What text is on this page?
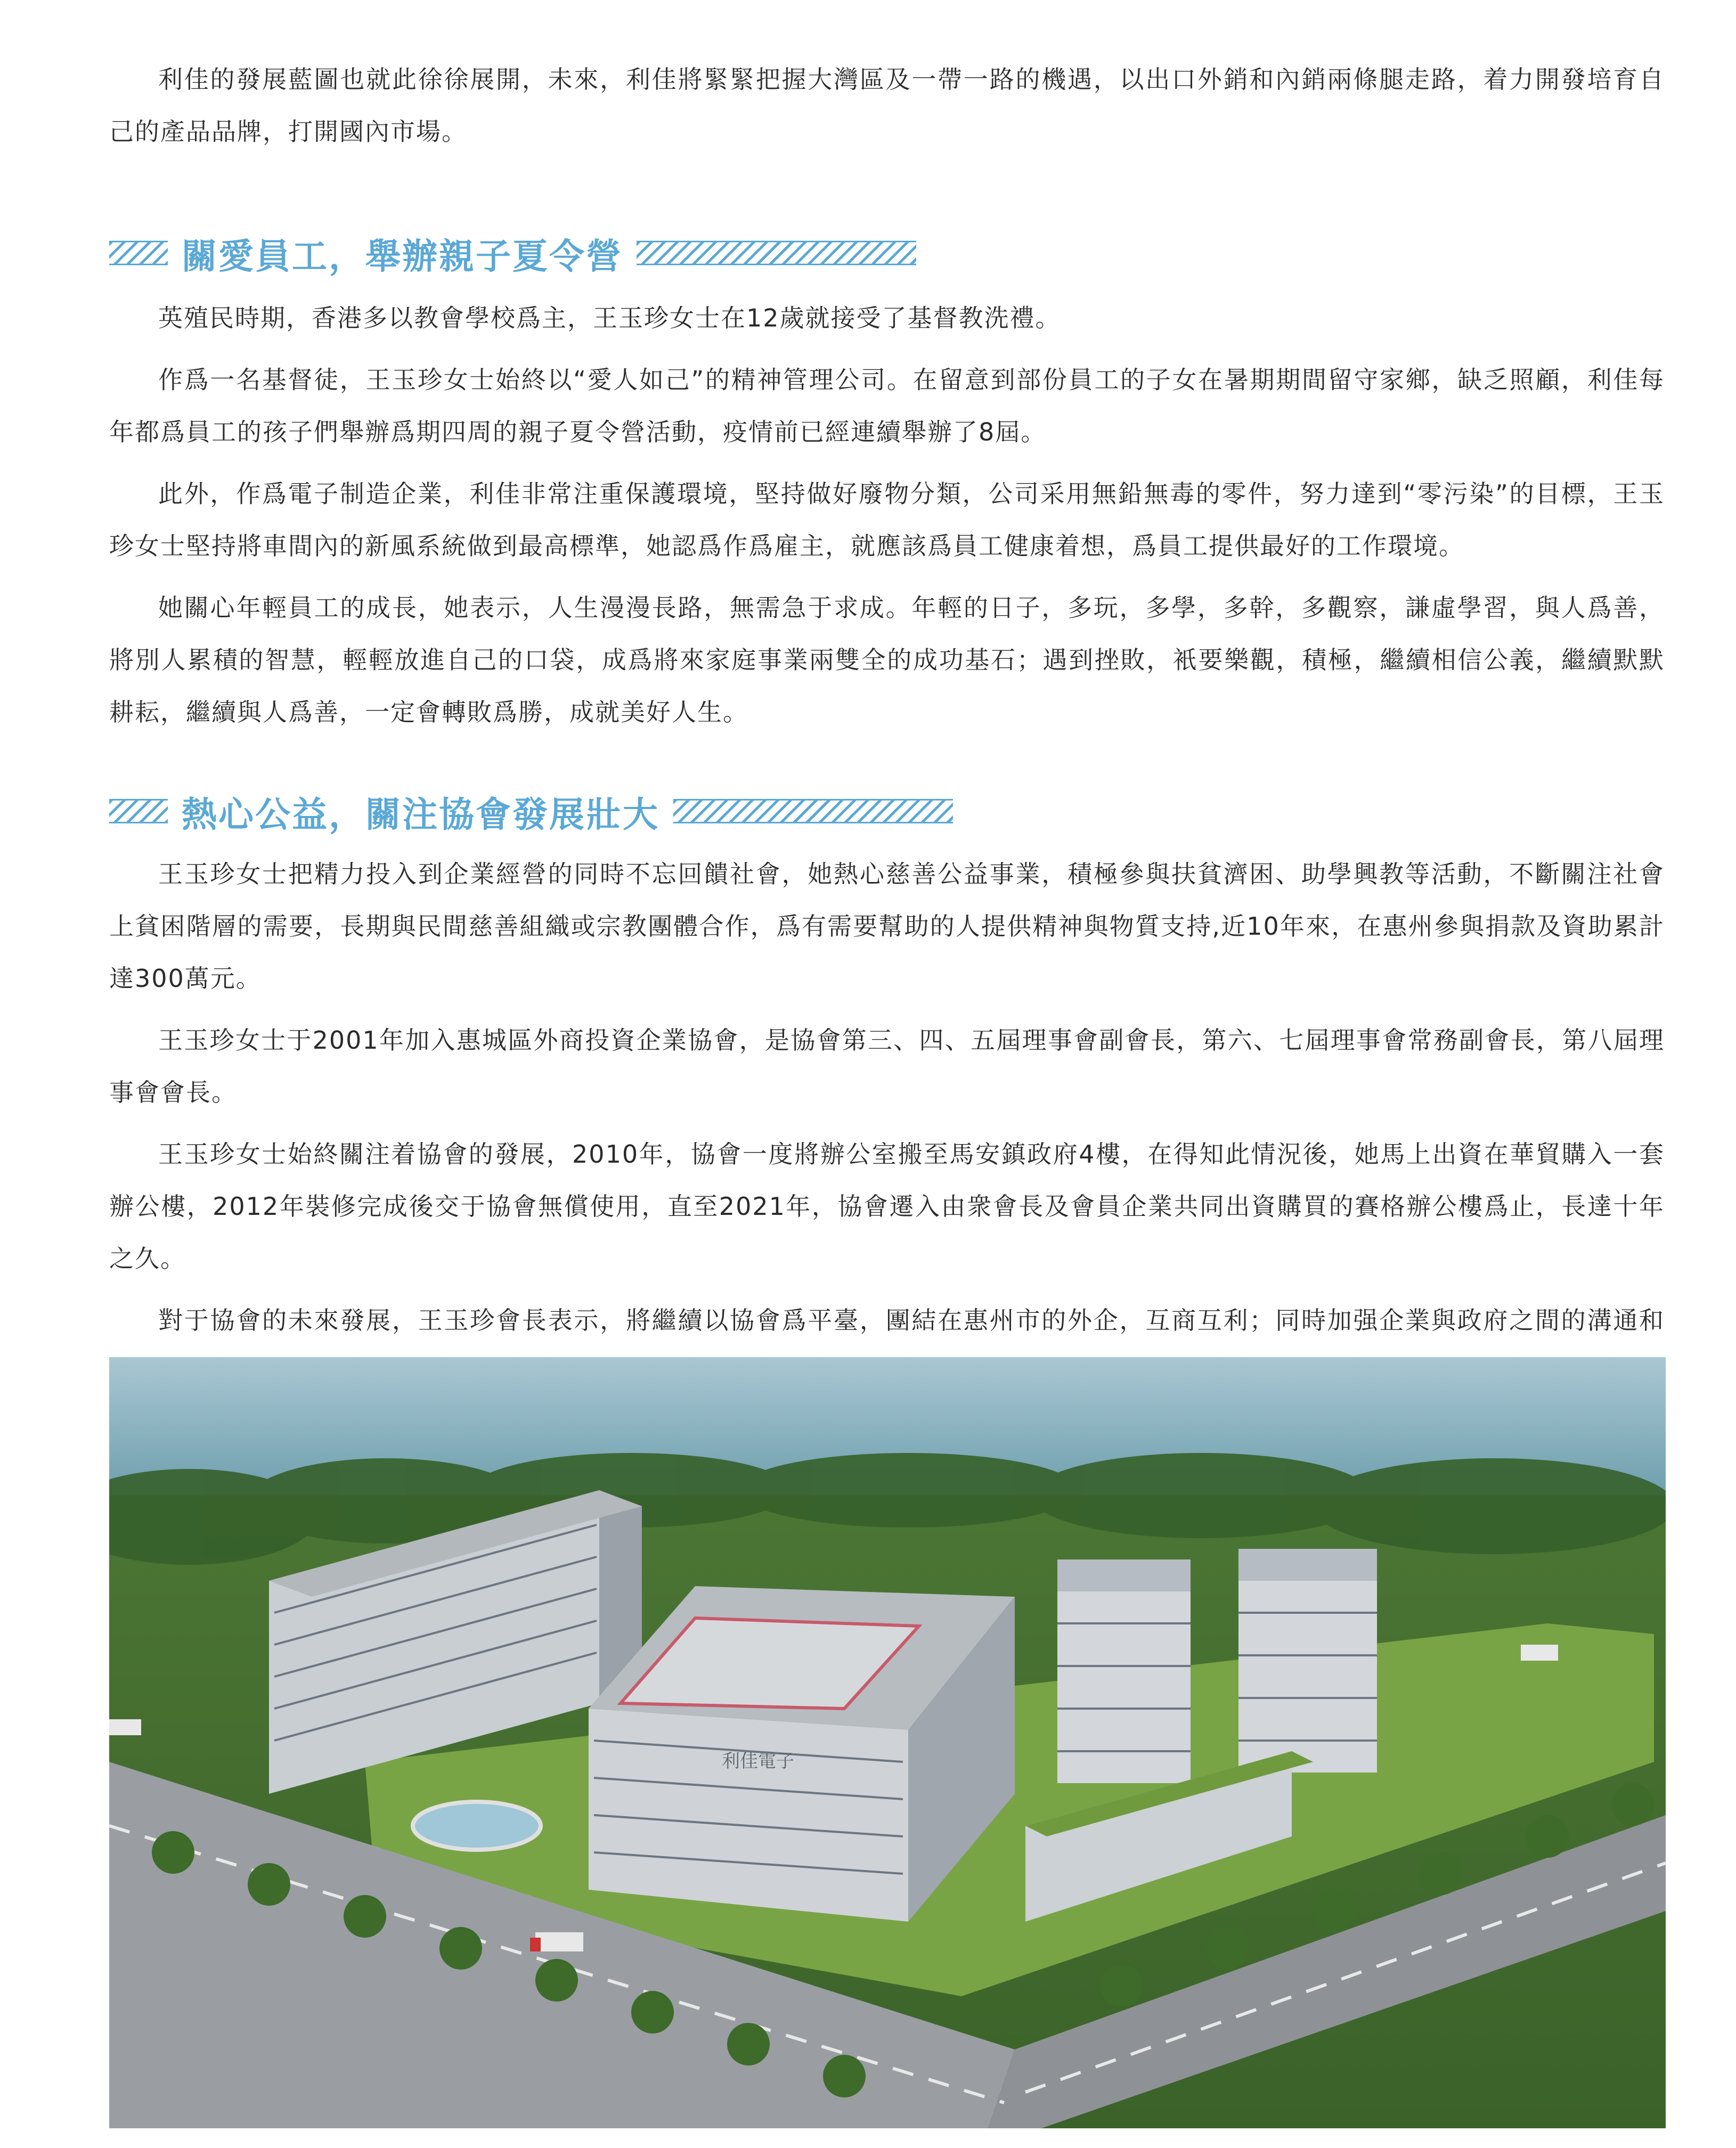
利佳的發展藍圖也就此徐徐展開，未來，利佳將緊緊把握大灣區及一帶一路的機遇，以出口外銷和內銷兩條腿走路，着力開發培育自己的產品品牌，打開國內市場。

關愛員工，舉辦親子夏令營

英殖民時期，香港多以教會學校爲主，王玉珍女士在12歲就接受了基督教洗禮。

作爲一名基督徒，王玉珍女士始終以“愛人如己”的精神管理公司。在留意到部份員工的子女在暑期期間留守家鄉，缺乏照顧，利佳每年都爲員工的孩子們舉辦爲期四周的親子夏令營活動，疫情前已經連續舉辦了8屆。

此外，作爲電子制造企業，利佳非常注重保護環境，堅持做好廢物分類，公司采用無鉛無毒的零件，努力達到“零污染”的目標，王玉珍女士堅持將車間內的新風系統做到最高標準，她認爲作爲雇主，就應該爲員工健康着想，爲員工提供最好的工作環境。

她關心年輕員工的成長，她表示，人生漫漫長路，無需急于求成。年輕的日子，多玩，多學，多幹，多觀察，謙虛學習，與人爲善， 將別人累積的智慧，輕輕放進自己的口袋，成爲將來家庭事業兩雙全的成功基石；遇到挫敗，衹要樂觀，積極，繼續相信公義，繼續默默耕耘，繼續與人爲善，一定會轉敗爲勝，成就美好人生。

熱心公益，關注協會發展壯大

王玉珍女士把精力投入到企業經營的同時不忘回饋社會，她熱心慈善公益事業，積極參與扶貧濟困、助學興教等活動，不斷關注社會上貧困階層的需要，長期與民間慈善組織或宗教團體合作，爲有需要幫助的人提供精神與物質支持,近10年來，在惠州參與捐款及資助累計達300萬元。

王玉珍女士于2001年加入惠城區外商投資企業協會，是協會第三、四、五屆理事會副會長，第六、七屆理事會常務副會長，第八屆理事會會長。

王玉珍女士始終關注着協會的發展，2010年，協會一度將辦公室搬至馬安鎮政府4樓，在得知此情況後，她馬上出資在華貿購入一套辦公樓，2012年裝修完成後交于協會無償使用，直至2021年，協會遷入由衆會長及會員企業共同出資購買的賽格辦公樓爲止，長達十年之久。

對于協會的未來發展，王玉珍會長表示，將繼續以協會爲平臺，團結在惠州市的外企，互商互利；同時加强企業與政府之間的溝通和

利佳電子
